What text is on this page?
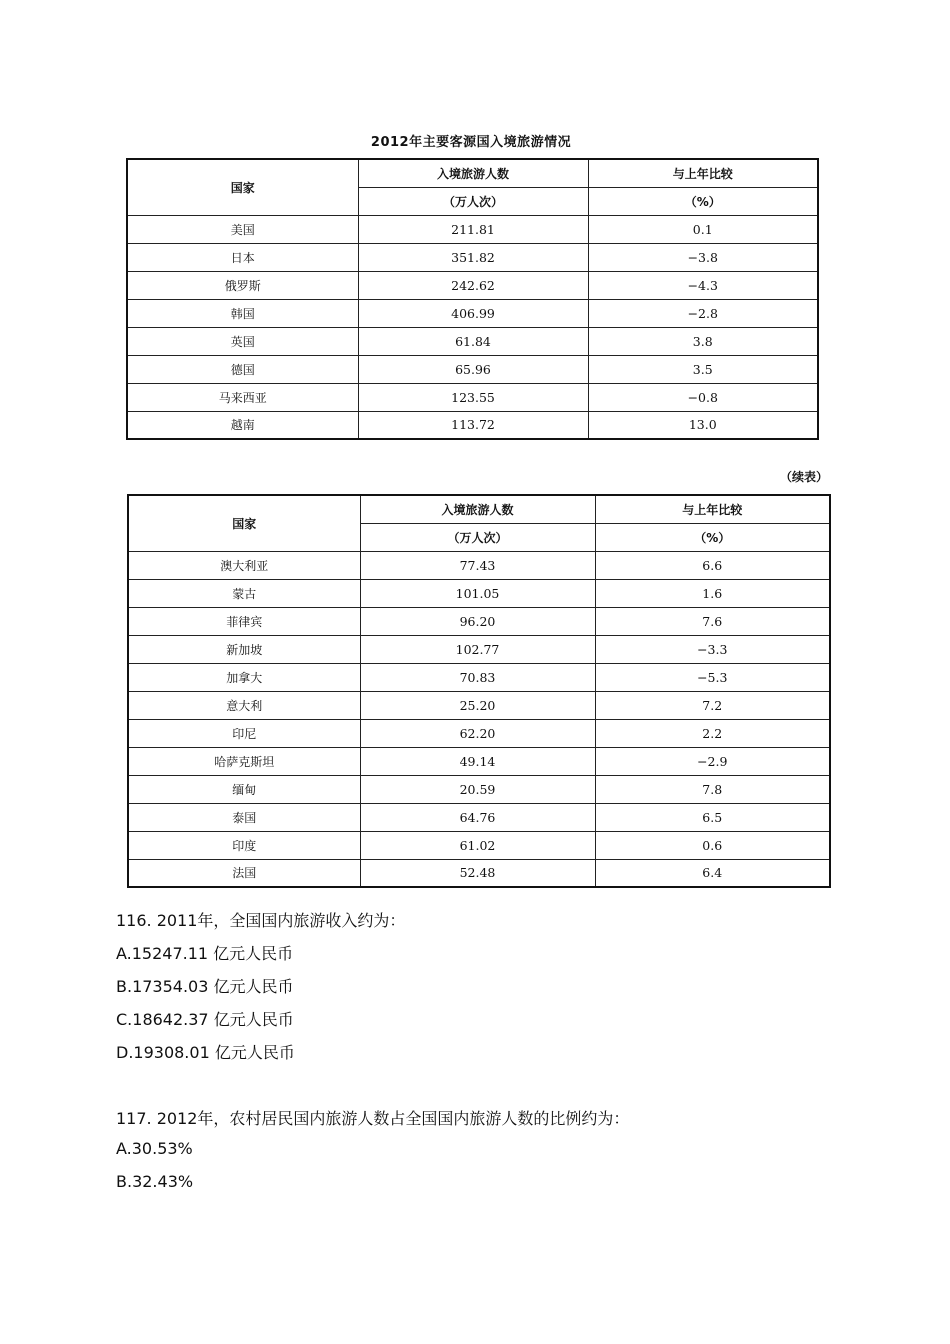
2012年主要客源国入境旅游情况
国家	入境旅游人数	与上年比较
	（万人次）	（%）
美国	211.81	0.1
日本	351.82	−3.8
俄罗斯	242.62	−4.3
韩国	406.99	−2.8
英国	61.84	3.8
德国	65.96	3.5
马来西亚	123.55	−0.8
越南	113.72	13.0
（续表）
国家	入境旅游人数	与上年比较
	（万人次）	（%）
澳大利亚	77.43	6.6
蒙古	101.05	1.6
菲律宾	96.20	7.6
新加坡	102.77	−3.3
加拿大	70.83	−5.3
意大利	25.20	7.2
印尼	62.20	2.2
哈萨克斯坦	49.14	−2.9
缅甸	20.59	7.8
泰国	64.76	6.5
印度	61.02	0.6
法国	52.48	6.4
116. 2011年，全国国内旅游收入约为：
A.15247.11 亿元人民币
B.17354.03 亿元人民币
C.18642.37 亿元人民币
D.19308.01 亿元人民币
117. 2012年，农村居民国内旅游人数占全国国内旅游人数的比例约为：
A.30.53%
B.32.43%
